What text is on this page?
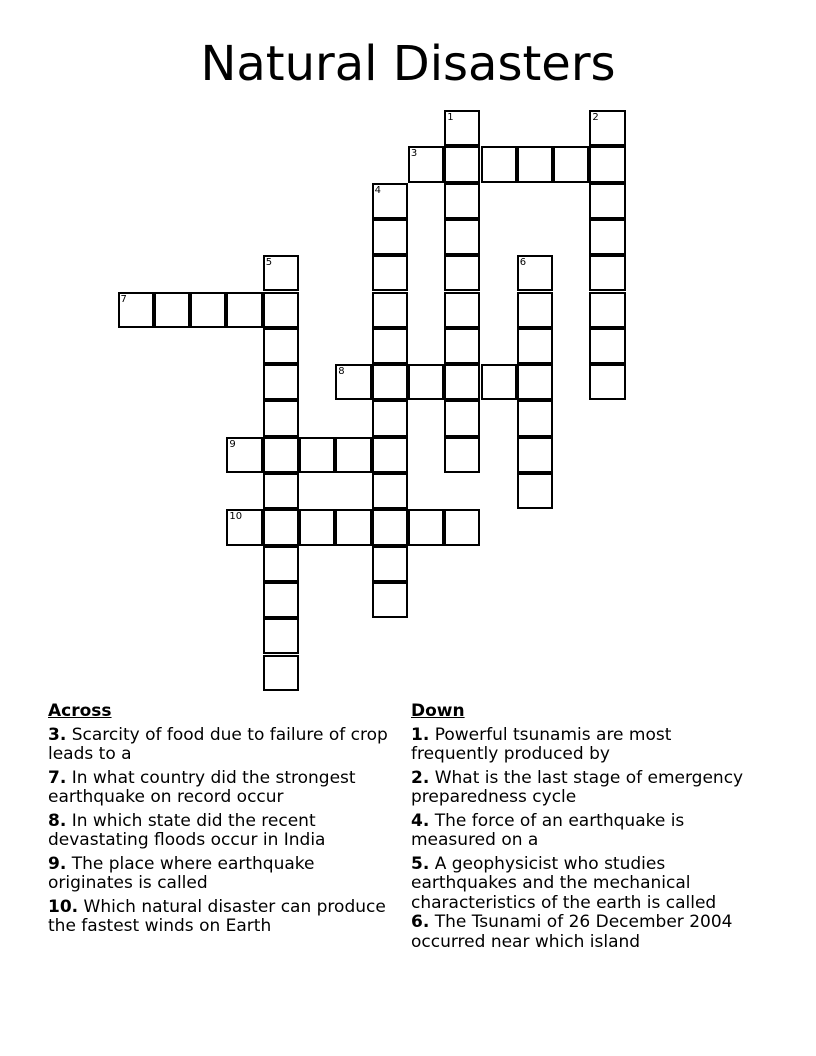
Natural Disasters
1	2
3
4
5	6
7
8
9
10
Across
3. Scarcity of food due to failure of crop leads to a
7. In what country did the strongest earthquake on record occur
8. In which state did the recent devastating floods occur in India
9. The place where earthquake originates is called
10. Which natural disaster can produce the fastest winds on Earth
Down
1. Powerful tsunamis are most frequently produced by
2. What is the last stage of emergency preparedness cycle
4. The force of an earthquake is measured on a
5. A geophysicist who studies earthquakes and the mechanical characteristics of the earth is called
6. The Tsunami of 26 December 2004 occurred near which island
